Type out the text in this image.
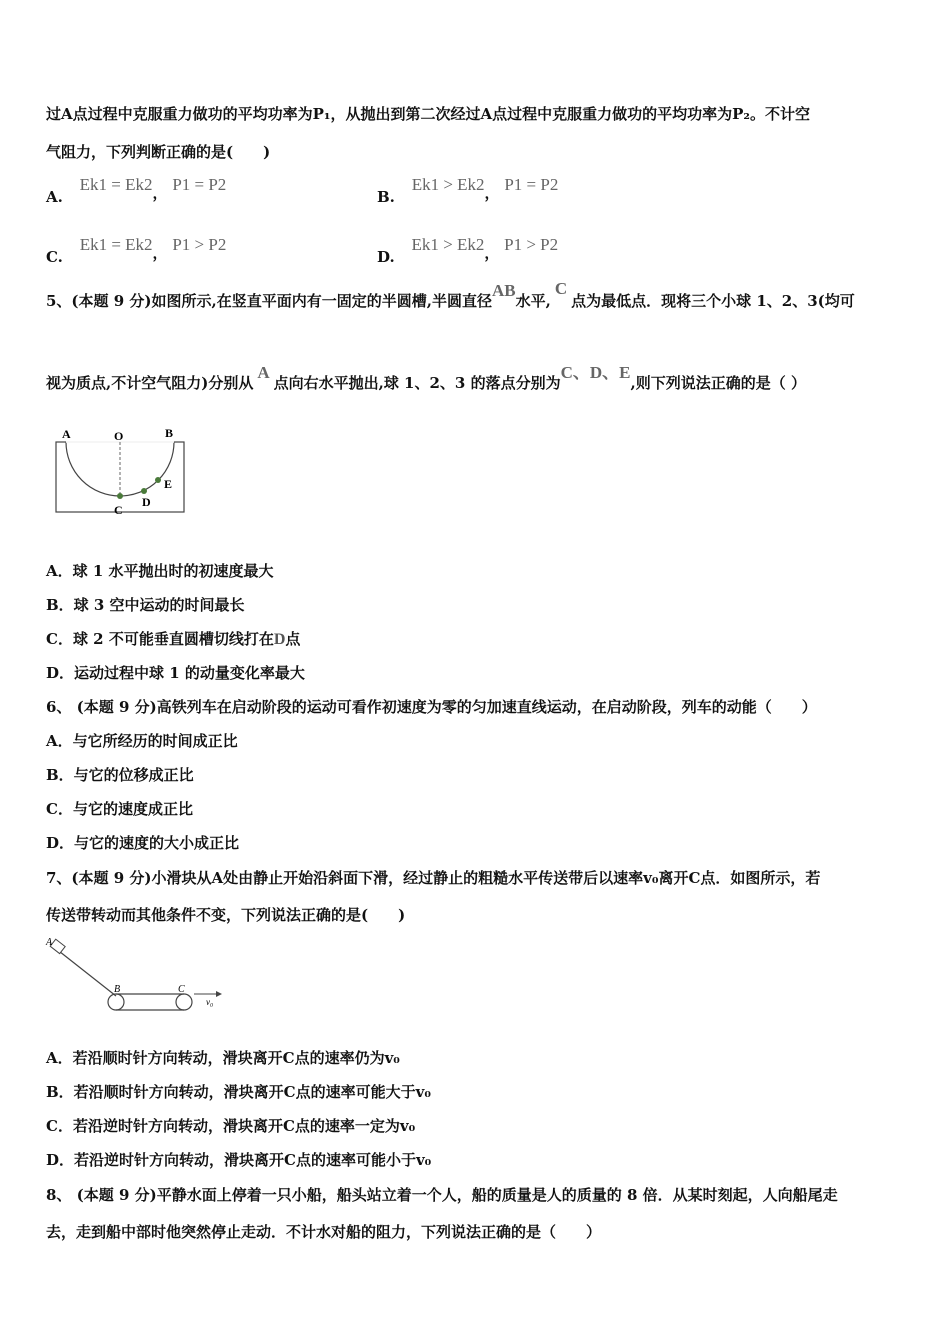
过A点过程中克服重力做功的平均功率为P₁，从抛出到第二次经过A点过程中克服重力做功的平均功率为P₂。不计空
气阻力，下列判断正确的是(　　)
A. Ek1 = Ek2， P1 = P2
B. Ek1 > Ek2， P1 = P2
C. Ek1 = Ek2， P1 > P2
D. Ek1 > Ek2， P1 > P2
5、(本题 9 分)如图所示,在竖直平面内有一固定的半圆槽,半圆直径AB水平,C点为最低点．现将三个小球 1、2、3(均可
视为质点,不计空气阻力)分别从A点向右水平抛出,球 1、2、3 的落点分别为C、D、E,则下列说法正确的是（ ）
A	O	B
C
D
E
A．球 1 水平抛出时的初速度最大
B．球 3 空中运动的时间最长
C．球 2 不可能垂直圆槽切线打在D点
D．运动过程中球 1 的动量变化率最大
6、 (本题 9 分)高铁列车在启动阶段的运动可看作初速度为零的匀加速直线运动，在启动阶段，列车的动能（　　）
A．与它所经历的时间成正比
B．与它的位移成正比
C．与它的速度成正比
D．与它的速度的大小成正比
7、(本题 9 分)小滑块从A处由静止开始沿斜面下滑，经过静止的粗糙水平传送带后以速率v₀离开C点．如图所示，若
传送带转动而其他条件不变，下列说法正确的是(　　)
A
B	C
v₀
A．若沿顺时针方向转动，滑块离开C点的速率仍为v₀
B．若沿顺时针方向转动，滑块离开C点的速率可能大于v₀
C．若沿逆时针方向转动，滑块离开C点的速率一定为v₀
D．若沿逆时针方向转动，滑块离开C点的速率可能小于v₀
8、 (本题 9 分)平静水面上停着一只小船，船头站立着一个人，船的质量是人的质量的 8 倍．从某时刻起，人向船尾走
去，走到船中部时他突然停止走动．不计水对船的阻力，下列说法正确的是（　　）
